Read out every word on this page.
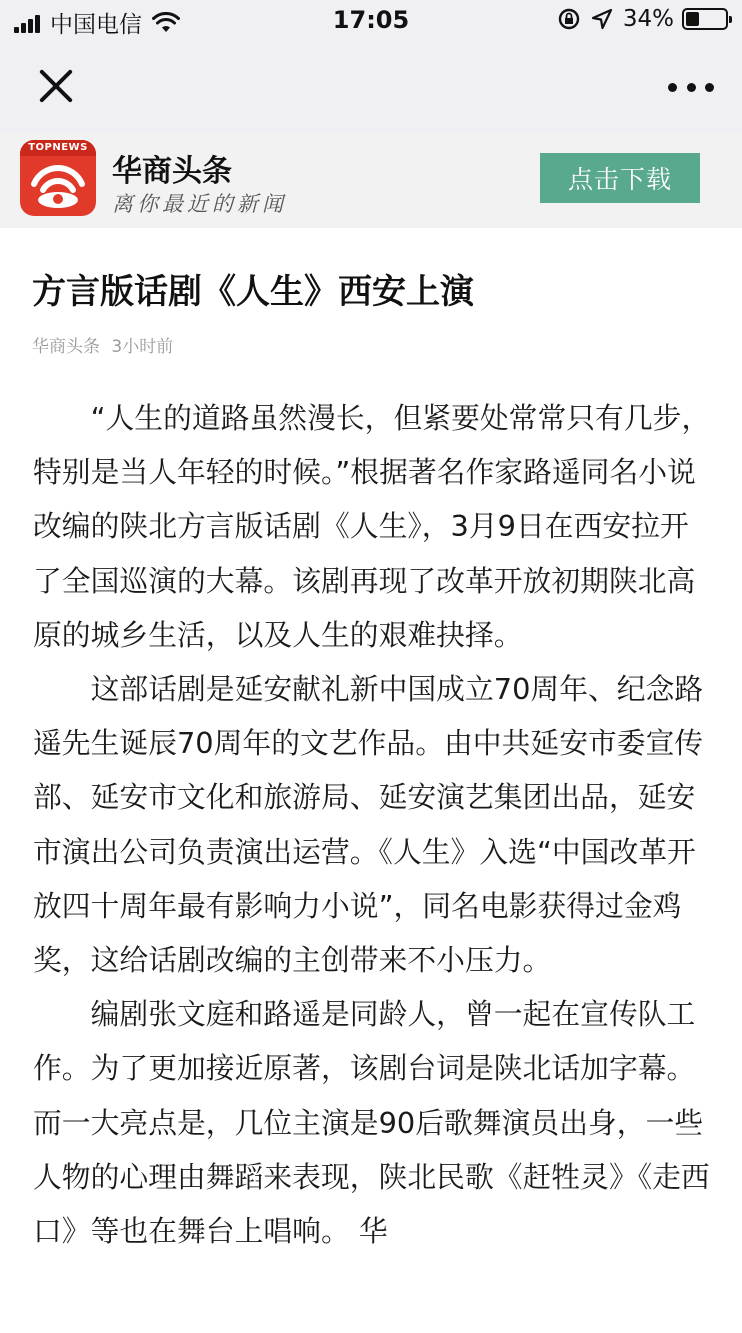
中国电信	17:05	34%
TOPNEWS
华商头条
离你最近的新闻
点击下载
方言版话剧《人生》西安上演
华商头条 3小时前

“人生的道路虽然漫长，但紧要处常常只有几步，特别是当人年轻的时候。”根据著名作家路遥同名小说改编的陕北方言版话剧《人生》，3月9日在西安拉开了全国巡演的大幕。该剧再现了改革开放初期陕北高原的城乡生活，以及人生的艰难抉择。

这部话剧是延安献礼新中国成立70周年、纪念路遥先生诞辰70周年的文艺作品。由中共延安市委宣传部、延安市文化和旅游局、延安演艺集团出品，延安市演出公司负责演出运营。《人生》入选“中国改革开放四十周年最有影响力小说”，同名电影获得过金鸡奖，这给话剧改编的主创带来不小压力。

编剧张文庭和路遥是同龄人，曾一起在宣传队工作。为了更加接近原著，该剧台词是陕北话加字幕。而一大亮点是，几位主演是90后歌舞演员出身，一些人物的心理由舞蹈来表现，陕北民歌《赶牲灵》《走西口》等也在舞台上唱响。 华
